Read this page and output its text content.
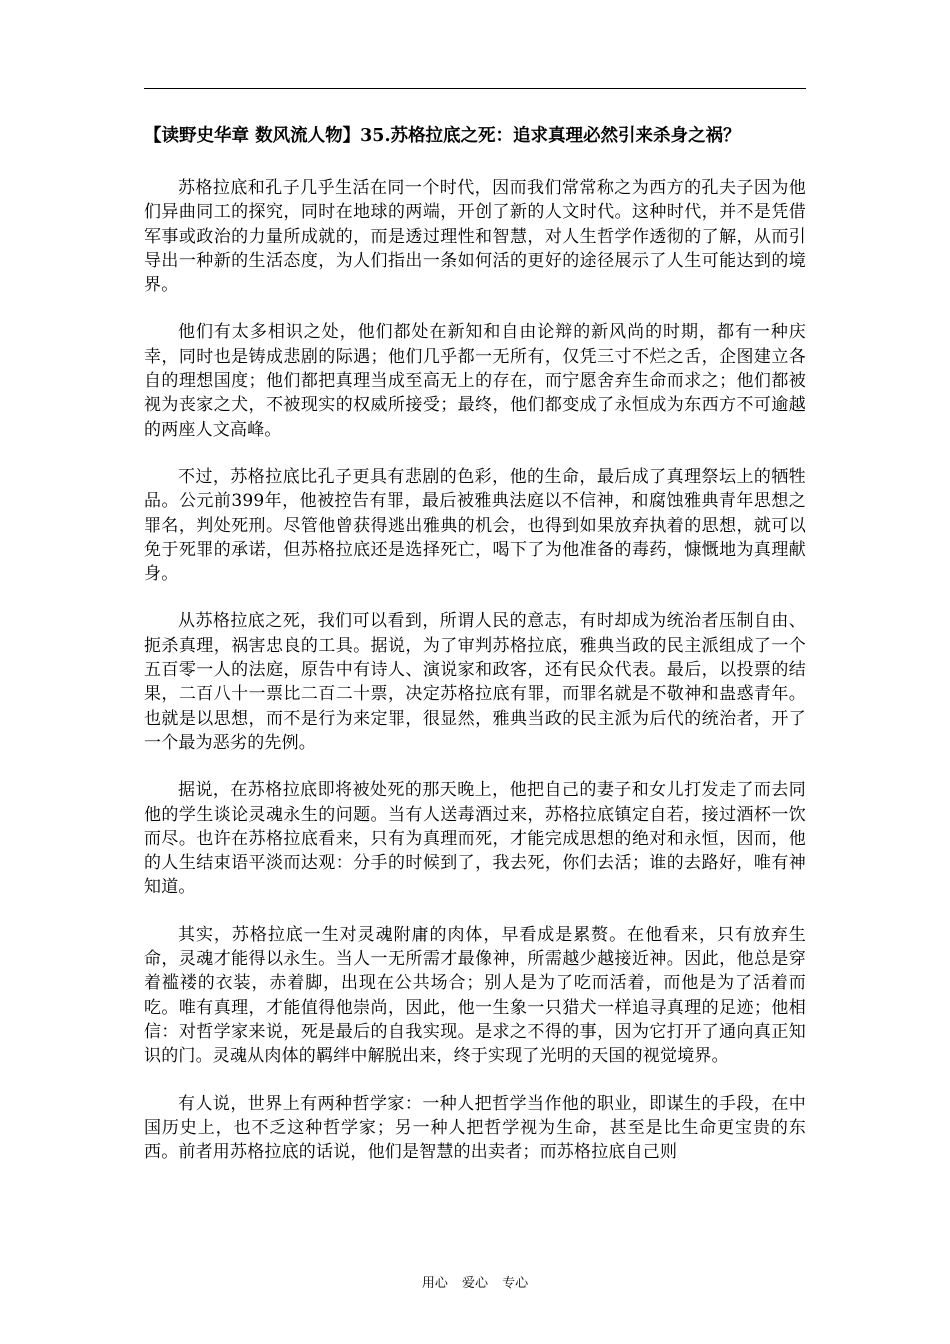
【读野史华章 数风流人物】35.苏格拉底之死：追求真理必然引来杀身之祸？

苏格拉底和孔子几乎生活在同一个时代，因而我们常常称之为西方的孔夫子因为他们异曲同工的探究，同时在地球的两端，开创了新的人文时代。这种时代，并不是凭借军事或政治的力量所成就的，而是透过理性和智慧，对人生哲学作透彻的了解，从而引导出一种新的生活态度，为人们指出一条如何活的更好的途径展示了人生可能达到的境界。

他们有太多相识之处，他们都处在新知和自由论辩的新风尚的时期，都有一种庆幸，同时也是铸成悲剧的际遇；他们几乎都一无所有，仅凭三寸不烂之舌，企图建立各自的理想国度；他们都把真理当成至高无上的存在，而宁愿舍弃生命而求之；他们都被视为丧家之犬，不被现实的权威所接受；最终，他们都变成了永恒成为东西方不可逾越的两座人文高峰。

不过，苏格拉底比孔子更具有悲剧的色彩，他的生命，最后成了真理祭坛上的牺牲品。公元前399年，他被控告有罪，最后被雅典法庭以不信神，和腐蚀雅典青年思想之罪名，判处死刑。尽管他曾获得逃出雅典的机会，也得到如果放弃执着的思想，就可以免于死罪的承诺，但苏格拉底还是选择死亡，喝下了为他准备的毒药，慷慨地为真理献身。

从苏格拉底之死，我们可以看到，所谓人民的意志，有时却成为统治者压制自由、扼杀真理，祸害忠良的工具。据说，为了审判苏格拉底，雅典当政的民主派组成了一个五百零一人的法庭，原告中有诗人、演说家和政客，还有民众代表。最后，以投票的结果，二百八十一票比二百二十票，决定苏格拉底有罪，而罪名就是不敬神和蛊惑青年。也就是以思想，而不是行为来定罪，很显然，雅典当政的民主派为后代的统治者，开了一个最为恶劣的先例。

据说，在苏格拉底即将被处死的那天晚上，他把自己的妻子和女儿打发走了而去同他的学生谈论灵魂永生的问题。当有人送毒酒过来，苏格拉底镇定自若，接过酒杯一饮而尽。也许在苏格拉底看来，只有为真理而死，才能完成思想的绝对和永恒，因而，他的人生结束语平淡而达观：分手的时候到了，我去死，你们去活；谁的去路好，唯有神知道。

其实，苏格拉底一生对灵魂附庸的肉体，早看成是累赘。在他看来，只有放弃生命，灵魂才能得以永生。当人一无所需才最像神，所需越少越接近神。因此，他总是穿着褴褛的衣装，赤着脚，出现在公共场合；别人是为了吃而活着，而他是为了活着而吃。唯有真理，才能值得他崇尚，因此，他一生象一只猎犬一样追寻真理的足迹；他相信：对哲学家来说，死是最后的自我实现。是求之不得的事，因为它打开了通向真正知识的门。灵魂从肉体的羁绊中解脱出来，终于实现了光明的天国的视觉境界。

有人说，世界上有两种哲学家：一种人把哲学当作他的职业，即谋生的手段，在中国历史上，也不乏这种哲学家；另一种人把哲学视为生命，甚至是比生命更宝贵的东西。前者用苏格拉底的话说，他们是智慧的出卖者；而苏格拉底自己则

用心 爱心 专心
